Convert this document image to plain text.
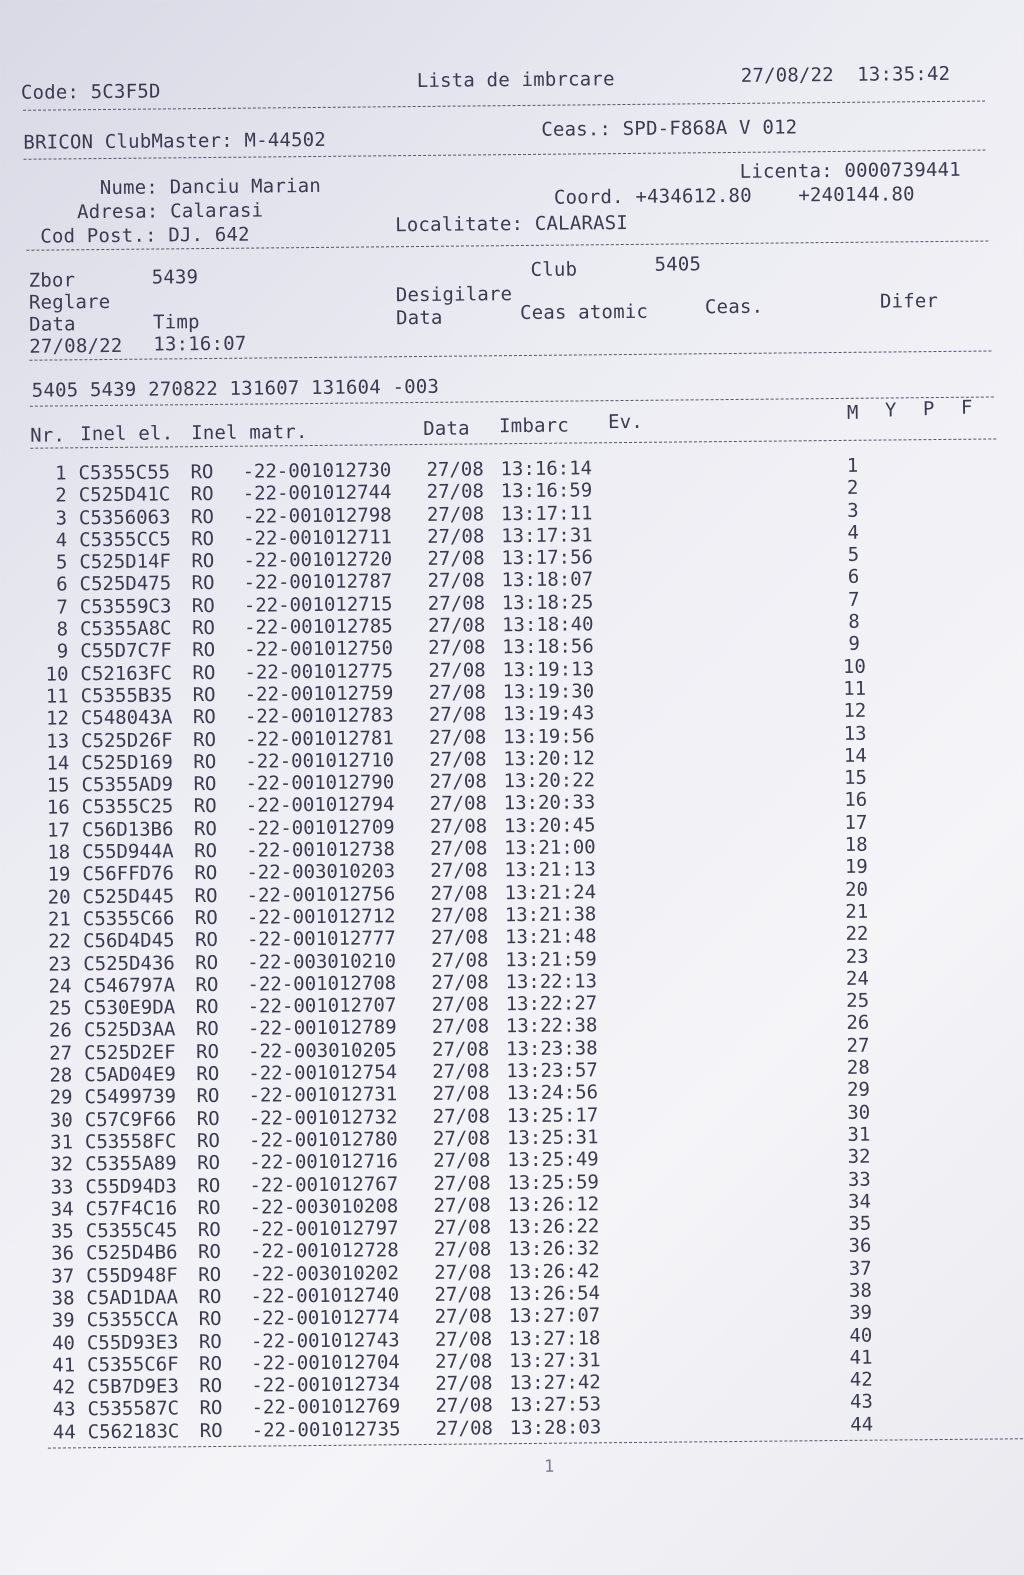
Code: 5C3F5D
Lista de imbrcare	27/08/22  13:35:42
BRICON ClubMaster: M-44502
Ceas.: SPD-F868A V 012
Nume: Danciu Marian
Adresa: Calarasi
Cod Post.: DJ. 642
Licenta: 0000739441
Coord. +434612.80    +240144.80
Localitate: CALARASI
Zbor	5439	Club	5405
Reglare	Desigilare
Data	Timp	Data	Ceas atomic	Ceas.	Difer
27/08/22 13:16:07
5405 5439 270822 131607 131604 -003
Nr. Inel el. Inel matr.	Data Imbarc Ev.	M Y P F
1 C5355C55 RO -22-001012730 27/08 13:16:14	1
2 C525D41C RO -22-001012744 27/08 13:16:59	2
3 C5356063 RO -22-001012798 27/08 13:17:11	3
4 C5355CC5 RO -22-001012711 27/08 13:17:31	4
5 C525D14F RO -22-001012720 27/08 13:17:56	5
6 C525D475 RO -22-001012787 27/08 13:18:07	6
7 C53559C3 RO -22-001012715 27/08 13:18:25	7
8 C5355A8C RO -22-001012785 27/08 13:18:40	8
9 C55D7C7F RO -22-001012750 27/08 13:18:56	9
10 C52163FC RO -22-001012775 27/08 13:19:13	10
11 C5355B35 RO -22-001012759 27/08 13:19:30	11
12 C548043A RO -22-001012783 27/08 13:19:43	12
13 C525D26F RO -22-001012781 27/08 13:19:56	13
14 C525D169 RO -22-001012710 27/08 13:20:12	14
15 C5355AD9 RO -22-001012790 27/08 13:20:22	15
16 C5355C25 RO -22-001012794 27/08 13:20:33	16
17 C56D13B6 RO -22-001012709 27/08 13:20:45	17
18 C55D944A RO -22-001012738 27/08 13:21:00	18
19 C56FFD76 RO -22-003010203 27/08 13:21:13	19
20 C525D445 RO -22-001012756 27/08 13:21:24	20
21 C5355C66 RO -22-001012712 27/08 13:21:38	21
22 C56D4D45 RO -22-001012777 27/08 13:21:48	22
23 C525D436 RO -22-003010210 27/08 13:21:59	23
24 C546797A RO -22-001012708 27/08 13:22:13	24
25 C530E9DA RO -22-001012707 27/08 13:22:27	25
26 C525D3AA RO -22-001012789 27/08 13:22:38	26
27 C525D2EF RO -22-003010205 27/08 13:23:38	27
28 C5AD04E9 RO -22-001012754 27/08 13:23:57	28
29 C5499739 RO -22-001012731 27/08 13:24:56	29
30 C57C9F66 RO -22-001012732 27/08 13:25:17	30
31 C53558FC RO -22-001012780 27/08 13:25:31	31
32 C5355A89 RO -22-001012716 27/08 13:25:49	32
33 C55D94D3 RO -22-001012767 27/08 13:25:59	33
34 C57F4C16 RO -22-003010208 27/08 13:26:12	34
35 C5355C45 RO -22-001012797 27/08 13:26:22	35
36 C525D4B6 RO -22-001012728 27/08 13:26:32	36
37 C55D948F RO -22-003010202 27/08 13:26:42	37
38 C5AD1DAA RO -22-001012740 27/08 13:26:54	38
39 C5355CCA RO -22-001012774 27/08 13:27:07	39
40 C55D93E3 RO -22-001012743 27/08 13:27:18	40
41 C5355C6F RO -22-001012704 27/08 13:27:31	41
42 C5B7D9E3 RO -22-001012734 27/08 13:27:42	42
43 C535587C RO -22-001012769 27/08 13:27:53	43
44 C562183C RO -22-001012735 27/08 13:28:03	44
1
